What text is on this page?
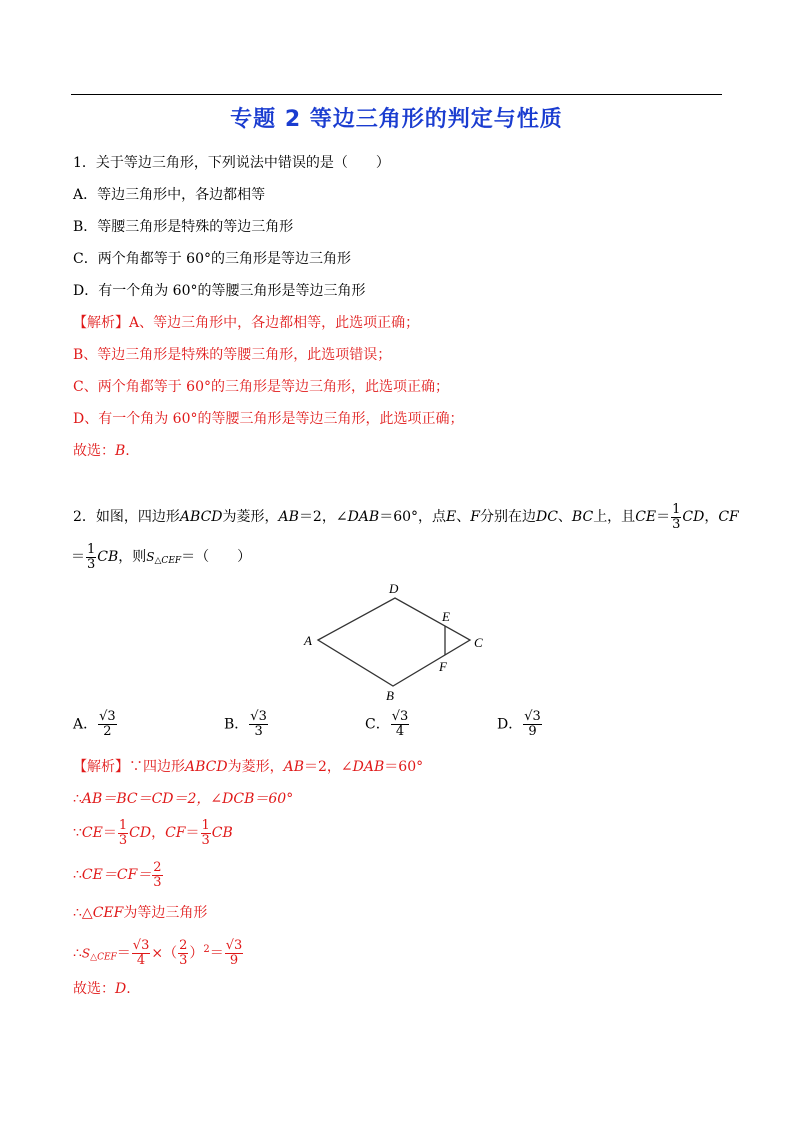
专题 2 等边三角形的判定与性质
1．关于等边三角形，下列说法中错误的是（　　）
A．等边三角形中，各边都相等
B．等腰三角形是特殊的等边三角形
C．两个角都等于 60°的三角形是等边三角形
D．有一个角为 60°的等腰三角形是等边三角形
【解析】A、等边三角形中，各边都相等，此选项正确；
B、等边三角形是特殊的等腰三角形，此选项错误；
C、两个角都等于 60°的三角形是等边三角形，此选项正确；
D、有一个角为 60°的等腰三角形是等边三角形，此选项正确；
故选：B.
2．如图，四边形ABCD为菱形，AB＝2，∠DAB＝60°，点E、F分别在边DC、BC上，且$CE= \frac{1}{3}$ CD，CF
＝ $\frac{1}{3}$ CB，则$S_{\triangle CEF}=$（　　）
A
D
C
B
E
F
A． $\frac{√3}{2}$	B． $\frac{√3}{3}$	C． $\frac{√3}{4}$	D． $\frac{√3}{9}$
【解析】∵四边形ABCD为菱形，AB＝2，∠DAB＝60°
∴AB＝BC＝CD＝2，∠DCB＝60°
∵CE＝ $\frac{1}{3}$ CD，$CF= \frac{1}{3}$ CB
∴CE＝CF＝ $\frac{2}{3}$
∴△CEF为等边三角形
$\therefore S_{\triangle CEF}= \frac{√3}{4}$ ×（ $\frac{2}{3} )^2= \frac{√3}{9}$
故选：D.
